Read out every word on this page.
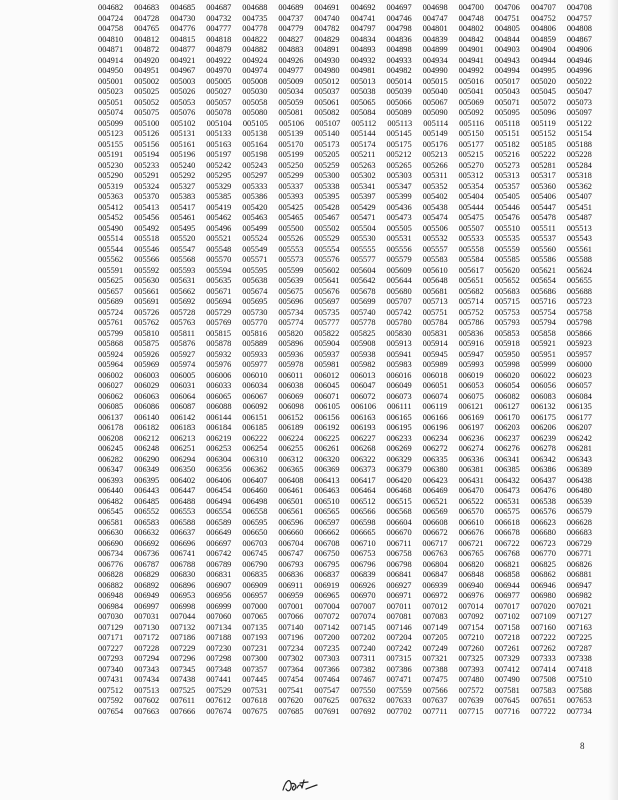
004682 004683 004685 004687 004688 004689 004691 004692 004697 004698 004700 004706 004707 004708
004724 004728 004730 004732 004735 004737 004740 004741 004746 004747 004748 004751 004752 004757
004758 004765 004776 004777 004778 004779 004782 004797 004798 004801 004802 004805 004806 004808
004810 004812 004815 004818 004822 004827 004829 004834 004836 004839 004842 004844 004859 004867
004871 004872 004877 004879 004882 004883 004891 004893 004898 004899 004901 004903 004904 004906
004914 004920 004921 004922 004924 004926 004930 004932 004933 004934 004941 004943 004944 004946
004950 004951 004967 004970 004974 004977 004980 004981 004982 004990 004992 004994 004995 004996
005001 005002 005003 005005 005008 005009 005012 005013 005014 005015 005016 005017 005020 005022
005023 005025 005026 005027 005030 005034 005037 005038 005039 005040 005041 005043 005045 005047
005051 005052 005053 005057 005058 005059 005061 005065 005066 005067 005069 005071 005072 005073
005074 005075 005076 005078 005080 005081 005082 005084 005089 005090 005092 005095 005096 005097
005099 005100 005102 005104 005105 005106 005107 005112 005113 005114 005116 005118 005119 005122
005123 005126 005131 005133 005138 005139 005140 005144 005145 005149 005150 005151 005152 005154
005155 005156 005161 005163 005164 005170 005173 005174 005175 005176 005177 005182 005185 005188
005191 005194 005196 005197 005198 005199 005205 005211 005212 005213 005215 005216 005222 005228
005230 005233 005240 005242 005243 005250 005259 005263 005265 005266 005270 005273 005281 005284
005290 005291 005292 005295 005297 005299 005300 005302 005303 005311 005312 005313 005317 005318
005319 005324 005327 005329 005333 005337 005338 005341 005347 005352 005354 005357 005360 005362
005363 005370 005383 005385 005386 005393 005395 005397 005399 005402 005404 005405 005406 005407
005412 005413 005417 005419 005420 005425 005428 005429 005436 005438 005444 005446 005447 005451
005452 005456 005461 005462 005463 005465 005467 005471 005473 005474 005475 005476 005478 005487
005490 005492 005495 005496 005499 005500 005502 005504 005505 005506 005507 005510 005511 005513
005514 005518 005520 005521 005524 005526 005529 005530 005531 005532 005533 005535 005537 005543
005544 005546 005547 005548 005549 005553 005554 005555 005556 005557 005558 005559 005560 005561
005562 005566 005568 005570 005571 005573 005576 005577 005579 005583 005584 005585 005586 005588
005591 005592 005593 005594 005595 005599 005602 005604 005609 005610 005617 005620 005621 005624
005625 005630 005631 005635 005638 005639 005641 005642 005644 005648 005651 005652 005654 005655
005657 005661 005662 005671 005674 005675 005676 005678 005680 005681 005682 005683 005686 005688
005689 005691 005692 005694 005695 005696 005697 005699 005707 005713 005714 005715 005716 005723
005724 005726 005728 005729 005730 005734 005735 005740 005742 005751 005752 005753 005754 005758
005761 005762 005763 005769 005770 005774 005777 005778 005780 005784 005786 005793 005794 005798
005799 005810 005811 005815 005816 005820 005822 005825 005830 005831 005836 005853 005858 005866
005868 005875 005876 005878 005889 005896 005904 005908 005913 005914 005916 005918 005921 005923
005924 005926 005927 005932 005933 005936 005937 005938 005941 005945 005947 005950 005951 005957
005964 005969 005974 005976 005977 005978 005981 005982 005983 005989 005993 005998 005999 006000
006002 006003 006005 006006 006010 006011 006012 006013 006016 006018 006019 006020 006022 006023
006027 006029 006031 006033 006034 006038 006045 006047 006049 006051 006053 006054 006056 006057
006062 006063 006064 006065 006067 006069 006071 006072 006073 006074 006075 006082 006083 006084
006085 006086 006087 006088 006092 006098 006105 006106 006111 006119 006121 006127 006132 006135
006137 006140 006142 006144 006151 006152 006156 006163 006165 006166 006169 006170 006175 006177
006178 006182 006183 006184 006185 006189 006192 006193 006195 006196 006197 006203 006206 006207
006208 006212 006213 006219 006222 006224 006225 006227 006233 006234 006236 006237 006239 006242
006245 006248 006251 006253 006254 006255 006261 006268 006269 006272 006274 006276 006278 006281
006282 006290 006294 006304 006310 006312 006320 006322 006329 006335 006336 006341 006342 006343
006347 006349 006350 006356 006362 006365 006369 006373 006379 006380 006381 006385 006386 006389
006393 006395 006402 006406 006407 006408 006413 006417 006420 006423 006431 006432 006437 006438
006440 006443 006447 006454 006460 006461 006463 006464 006468 006469 006470 006473 006476 006480
006482 006485 006488 006494 006498 006501 006510 006512 006515 006521 006522 006531 006538 006539
006545 006552 006553 006554 006558 006561 006565 006566 006568 006569 006570 006575 006576 006579
006581 006583 006588 006589 006595 006596 006597 006598 006604 006608 006610 006618 006623 006628
006630 006632 006637 006649 006650 006660 006662 006665 006670 006672 006676 006678 006680 006683
006690 006692 006696 006697 006703 006704 006708 006710 006711 006717 006721 006722 006723 006729
006734 006736 006741 006742 006745 006747 006750 006753 006758 006763 006765 006768 006770 006771
006776 006787 006788 006789 006790 006793 006795 006796 006798 006804 006820 006821 006825 006826
006828 006829 006830 006831 006835 006836 006837 006839 006841 006847 006848 006858 006862 006881
006882 006892 006896 006907 006909 006911 006919 006926 006927 006939 006940 006944 006946 006947
006948 006949 006953 006956 006957 006959 006965 006970 006971 006972 006976 006977 006980 006982
006984 006997 006998 006999 007000 007001 007004 007007 007011 007012 007014 007017 007020 007021
007030 007031 007044 007060 007065 007066 007072 007074 007081 007083 007092 007102 007109 007127
007129 007130 007132 007134 007135 007140 007142 007145 007146 007149 007154 007158 007160 007163
007171 007172 007186 007188 007193 007196 007200 007202 007204 007205 007210 007218 007222 007225
007227 007228 007229 007230 007231 007234 007235 007240 007242 007249 007260 007261 007262 007287
007293 007294 007296 007298 007300 007302 007303 007311 007315 007321 007325 007329 007333 007338
007340 007343 007345 007348 007357 007364 007366 007382 007386 007388 007393 007412 007414 007418
007431 007434 007438 007441 007445 007454 007464 007467 007471 007475 007480 007490 007508 007510
007512 007513 007525 007529 007531 007541 007547 007550 007559 007566 007572 007581 007583 007588
007592 007602 007611 007612 007618 007620 007625 007632 007633 007637 007639 007645 007651 007653
007654 007663 007666 007674 007675 007685 007691 007692 007702 007711 007715 007716 007722 007734
8
